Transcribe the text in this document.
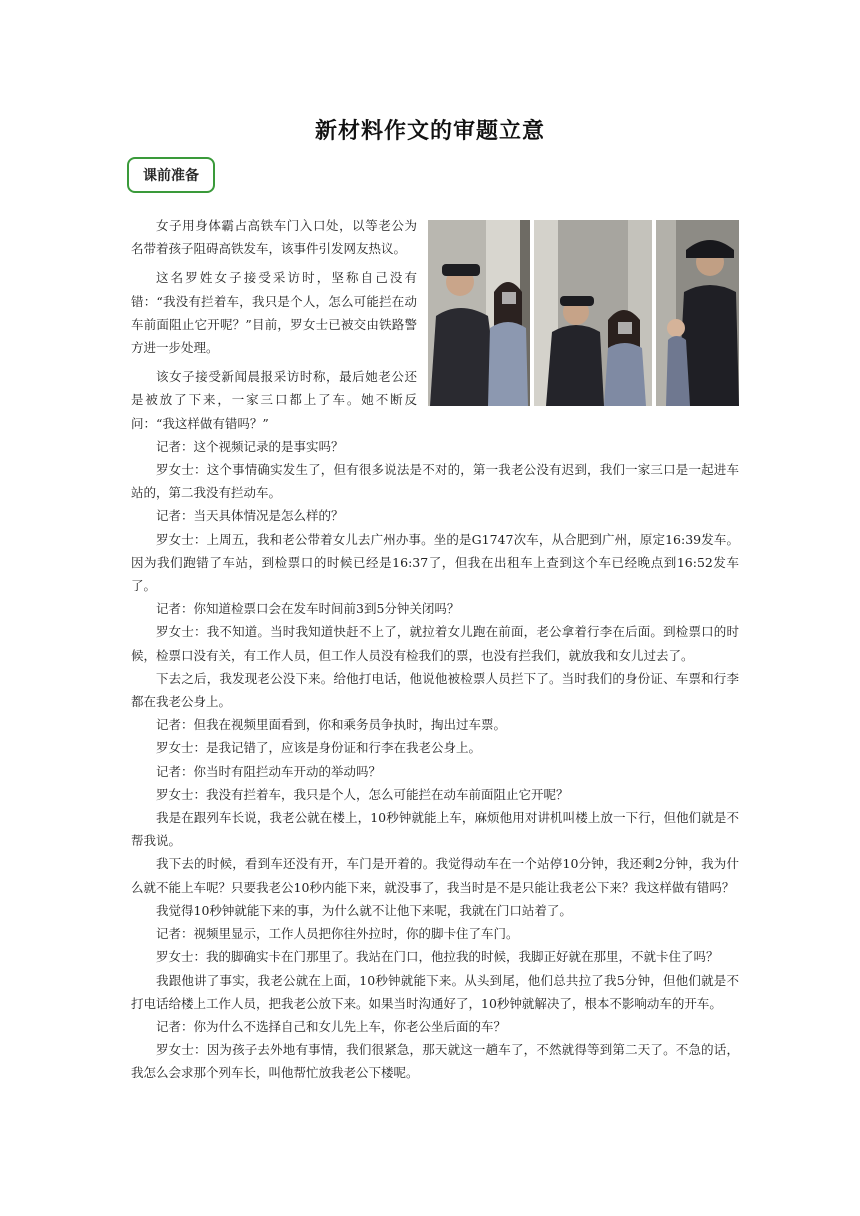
新材料作文的审题立意
课前准备

女子用身体霸占高铁车门入口处，以等老公为名带着孩子阻碍高铁发车，该事件引发网友热议。

这名罗姓女子接受采访时，坚称自己没有错：“我没有拦着车，我只是个人，怎么可能拦在动车前面阻止它开呢？”目前，罗女士已被交由铁路警方进一步处理。

该女子接受新闻晨报采访时称，最后她老公还是被放了下来，一家三口都上了车。她不断反问：“我这样做有错吗？”

记者：这个视频记录的是事实吗？

罗女士：这个事情确实发生了，但有很多说法是不对的，第一我老公没有迟到，我们一家三口是一起进车站的，第二我没有拦动车。

记者：当天具体情况是怎么样的？

罗女士：上周五，我和老公带着女儿去广州办事。坐的是G1747次车，从合肥到广州，原定16:39发车。因为我们跑错了车站，到检票口的时候已经是16:37了，但我在出租车上查到这个车已经晚点到16:52发车了。

记者：你知道检票口会在发车时间前3到5分钟关闭吗？

罗女士：我不知道。当时我知道快赶不上了，就拉着女儿跑在前面，老公拿着行李在后面。到检票口的时候，检票口没有关，有工作人员，但工作人员没有检我们的票，也没有拦我们，就放我和女儿过去了。

下去之后，我发现老公没下来。给他打电话，他说他被检票人员拦下了。当时我们的身份证、车票和行李都在我老公身上。

记者：但我在视频里面看到，你和乘务员争执时，掏出过车票。

罗女士：是我记错了，应该是身份证和行李在我老公身上。

记者：你当时有阻拦动车开动的举动吗？

罗女士：我没有拦着车，我只是个人，怎么可能拦在动车前面阻止它开呢？

我是在跟列车长说，我老公就在楼上，10秒钟就能上车，麻烦他用对讲机叫楼上放一下行，但他们就是不帮我说。

我下去的时候，看到车还没有开，车门是开着的。我觉得动车在一个站停10分钟，我还剩2分钟，我为什么就不能上车呢？只要我老公10秒内能下来，就没事了，我当时是不是只能让我老公下来？我这样做有错吗？

我觉得10秒钟就能下来的事，为什么就不让他下来呢，我就在门口站着了。

记者：视频里显示，工作人员把你往外拉时，你的脚卡住了车门。

罗女士：我的脚确实卡在门那里了。我站在门口，他拉我的时候，我脚正好就在那里，不就卡住了吗？

我跟他讲了事实，我老公就在上面，10秒钟就能下来。从头到尾，他们总共拉了我5分钟，但他们就是不打电话给楼上工作人员，把我老公放下来。如果当时沟通好了，10秒钟就解决了，根本不影响动车的开车。

记者：你为什么不选择自己和女儿先上车，你老公坐后面的车？

罗女士：因为孩子去外地有事情，我们很紧急，那天就这一趟车了，不然就得等到第二天了。不急的话，我怎么会求那个列车长，叫他帮忙放我老公下楼呢。
